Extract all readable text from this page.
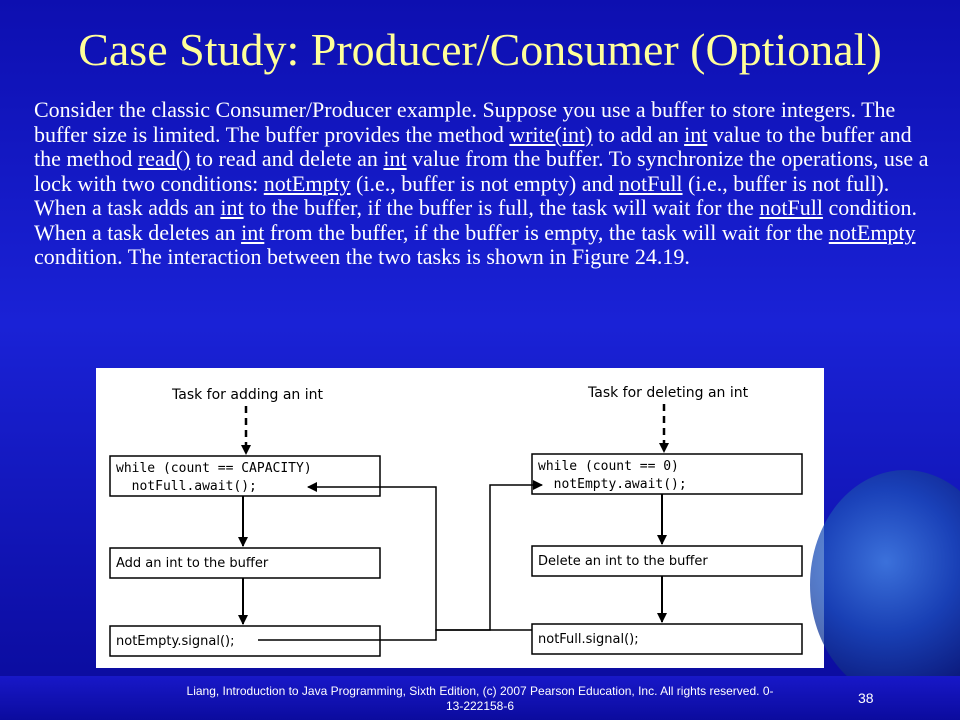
Case Study: Producer/Consumer (Optional)
Consider the classic Consumer/Producer example. Suppose you use a buffer to store integers. The buffer size is limited. The buffer provides the method write(int) to add an int value to the buffer and the method read() to read and delete an int value from the buffer. To synchronize the operations, use a lock with two conditions: notEmpty (i.e., buffer is not empty) and notFull (i.e., buffer is not full). When a task adds an int to the buffer, if the buffer is full, the task will wait for the notFull condition. When a task deletes an int from the buffer, if the buffer is empty, the task will wait for the notEmpty condition. The interaction between the two tasks is shown in Figure 24.19.
Task for adding an int
while (count == CAPACITY)
notFull.await();
Add an int to the buffer
notEmpty.signal();
Task for deleting an int
while (count == 0)
notEmpty.await();
Delete an int to the buffer
notFull.signal();
Liang, Introduction to Java Programming, Sixth Edition, (c) 2007 Pearson Education, Inc. All rights reserved. 0-13-222158-6	38
